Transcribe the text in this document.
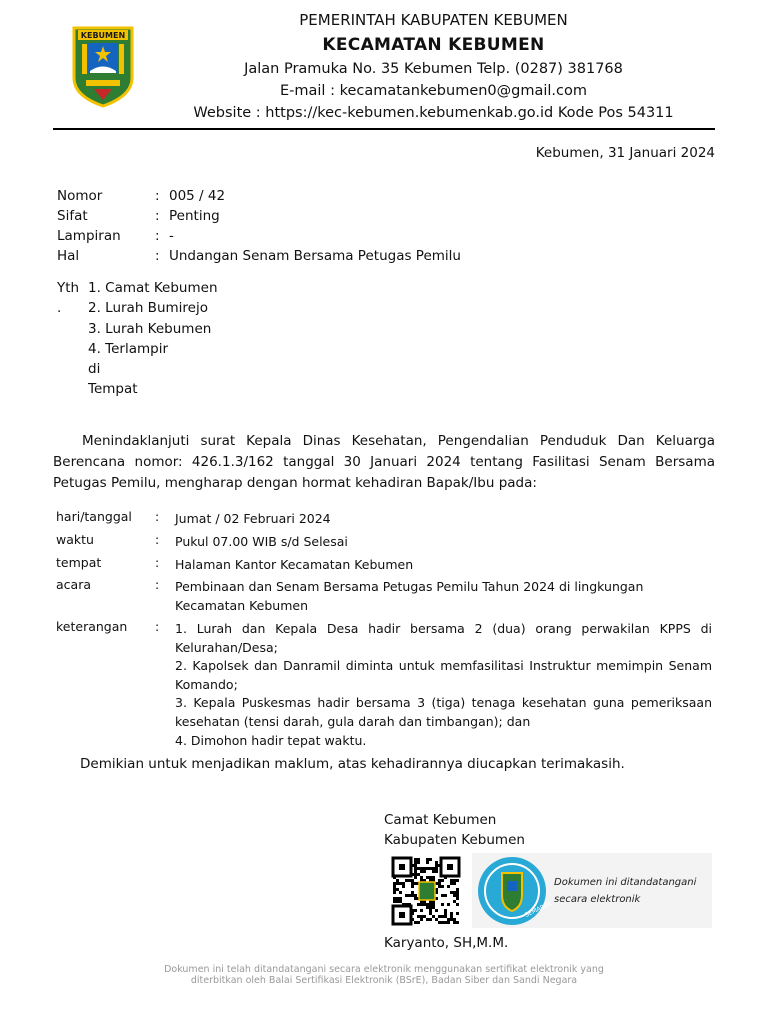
KEBUMEN
PEMERINTAH KABUPATEN KEBUMEN
KECAMATAN KEBUMEN
Jalan Pramuka No. 35 Kebumen Telp. (0287) 381768
E-mail : kecamatankebumen0@gmail.com
Website : https://kec-kebumen.kebumenkab.go.id Kode Pos 54311
Kebumen, 31 Januari 2024
Nomor	: 005 / 42
Sifat	: Penting
Lampiran	: -
Hal	: Undangan Senam Bersama Petugas Pemilu
Yth
.
1. Camat Kebumen
2. Lurah Bumirejo
3. Lurah Kebumen
4. Terlampir
di
Tempat
Menindaklanjuti surat Kepala Dinas Kesehatan, Pengendalian Penduduk Dan Keluarga Berencana nomor: 426.1.3/162 tanggal 30 Januari 2024 tentang Fasilitasi Senam Bersama Petugas Pemilu, mengharap dengan hormat kehadiran Bapak/Ibu pada:
hari/tanggal : Jumat / 02 Februari 2024
waktu	: Pukul 07.00 WIB s/d Selesai
tempat	: Halaman Kantor Kecamatan Kebumen
acara	: Pembinaan dan Senam Bersama Petugas Pemilu Tahun 2024 di lingkungan Kecamatan Kebumen
keterangan : 1. Lurah dan Kepala Desa hadir bersama 2 (dua) orang perwakilan KPPS di Kelurahan/Desa;
2. Kapolsek dan Danramil diminta untuk memfasilitasi Instruktur memimpin Senam Komando;
3. Kepala Puskesmas hadir bersama 3 (tiga) tenaga kesehatan guna pemeriksaan kesehatan (tensi darah, gula darah dan timbangan); dan
4. Dimohon hadir tepat waktu.
Demikian untuk menjadikan maklum, atas kehadirannya diucapkan terimakasih.
Camat Kebumen
Kabupaten Kebumen
SEMAREK
Dokumen ini ditandatangani
secara elektronik
Karyanto, SH,M.M.
Dokumen ini telah ditandatangani secara elektronik menggunakan sertifikat elektronik yang
diterbitkan oleh Balai Sertifikasi Elektronik (BSrE), Badan Siber dan Sandi Negara
